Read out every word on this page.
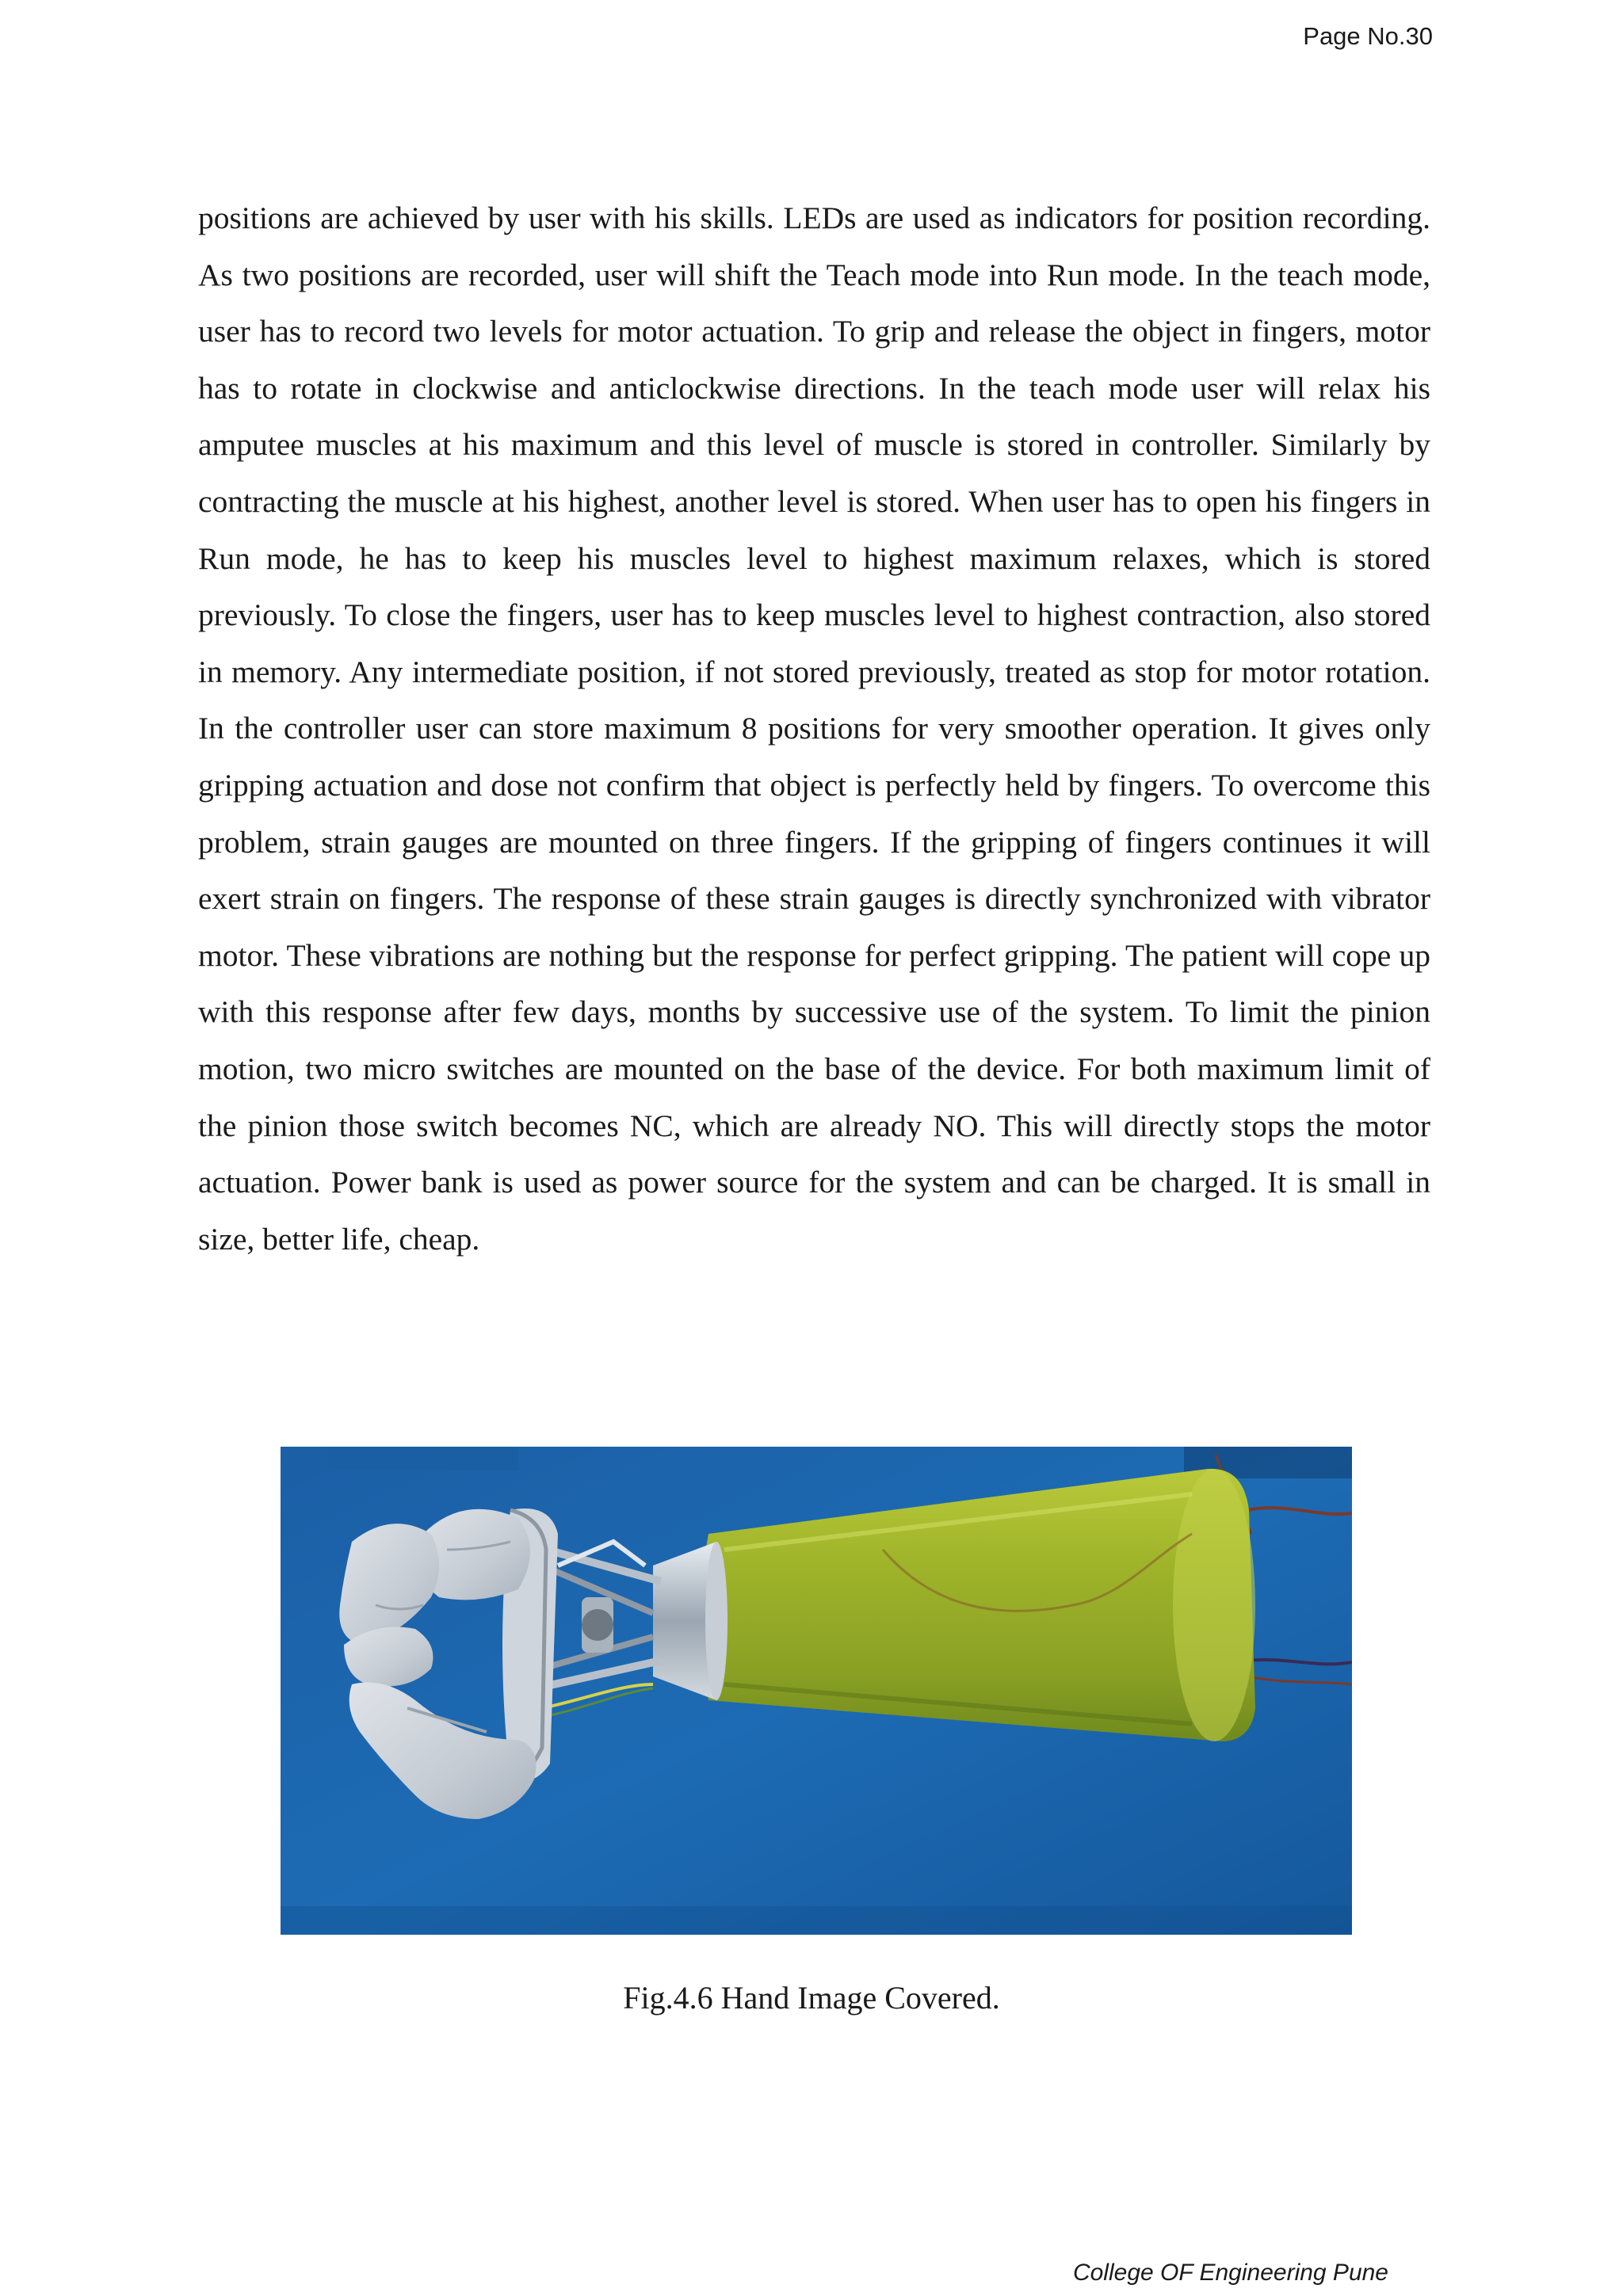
Page No.30

positions are achieved by user with his skills. LEDs are used as indicators for position recording. As two positions are recorded, user will shift the Teach mode into Run mode. In the teach mode, user has to record two levels for motor actuation. To grip and release the object in fingers, motor has to rotate in clockwise and anticlockwise directions. In the teach mode user will relax his amputee muscles at his maximum and this level of muscle is stored in controller. Similarly by contracting the muscle at his highest, another level is stored. When user has to open his fingers in Run mode, he has to keep his muscles level to highest maximum relaxes, which is stored previously. To close the fingers, user has to keep muscles level to highest contraction, also stored in memory. Any intermediate position, if not stored previously, treated as stop for motor rotation. In the controller user can store maximum 8 positions for very smoother operation. It gives only gripping actuation and dose not confirm that object is perfectly held by fingers. To overcome this problem, strain gauges are mounted on three fingers. If the gripping of fingers continues it will exert strain on fingers. The response of these strain gauges is directly synchronized with vibrator motor. These vibrations are nothing but the response for perfect gripping. The patient will cope up with this response after few days, months by successive use of the system. To limit the pinion motion, two micro switches are mounted on the base of the device. For both maximum limit of the pinion those switch becomes NC, which are already NO. This will directly stops the motor actuation. Power bank is used as power source for the system and can be charged. It is small in size, better life, cheap.

Fig.4.6 Hand Image Covered.
College OF Engineering Pune
